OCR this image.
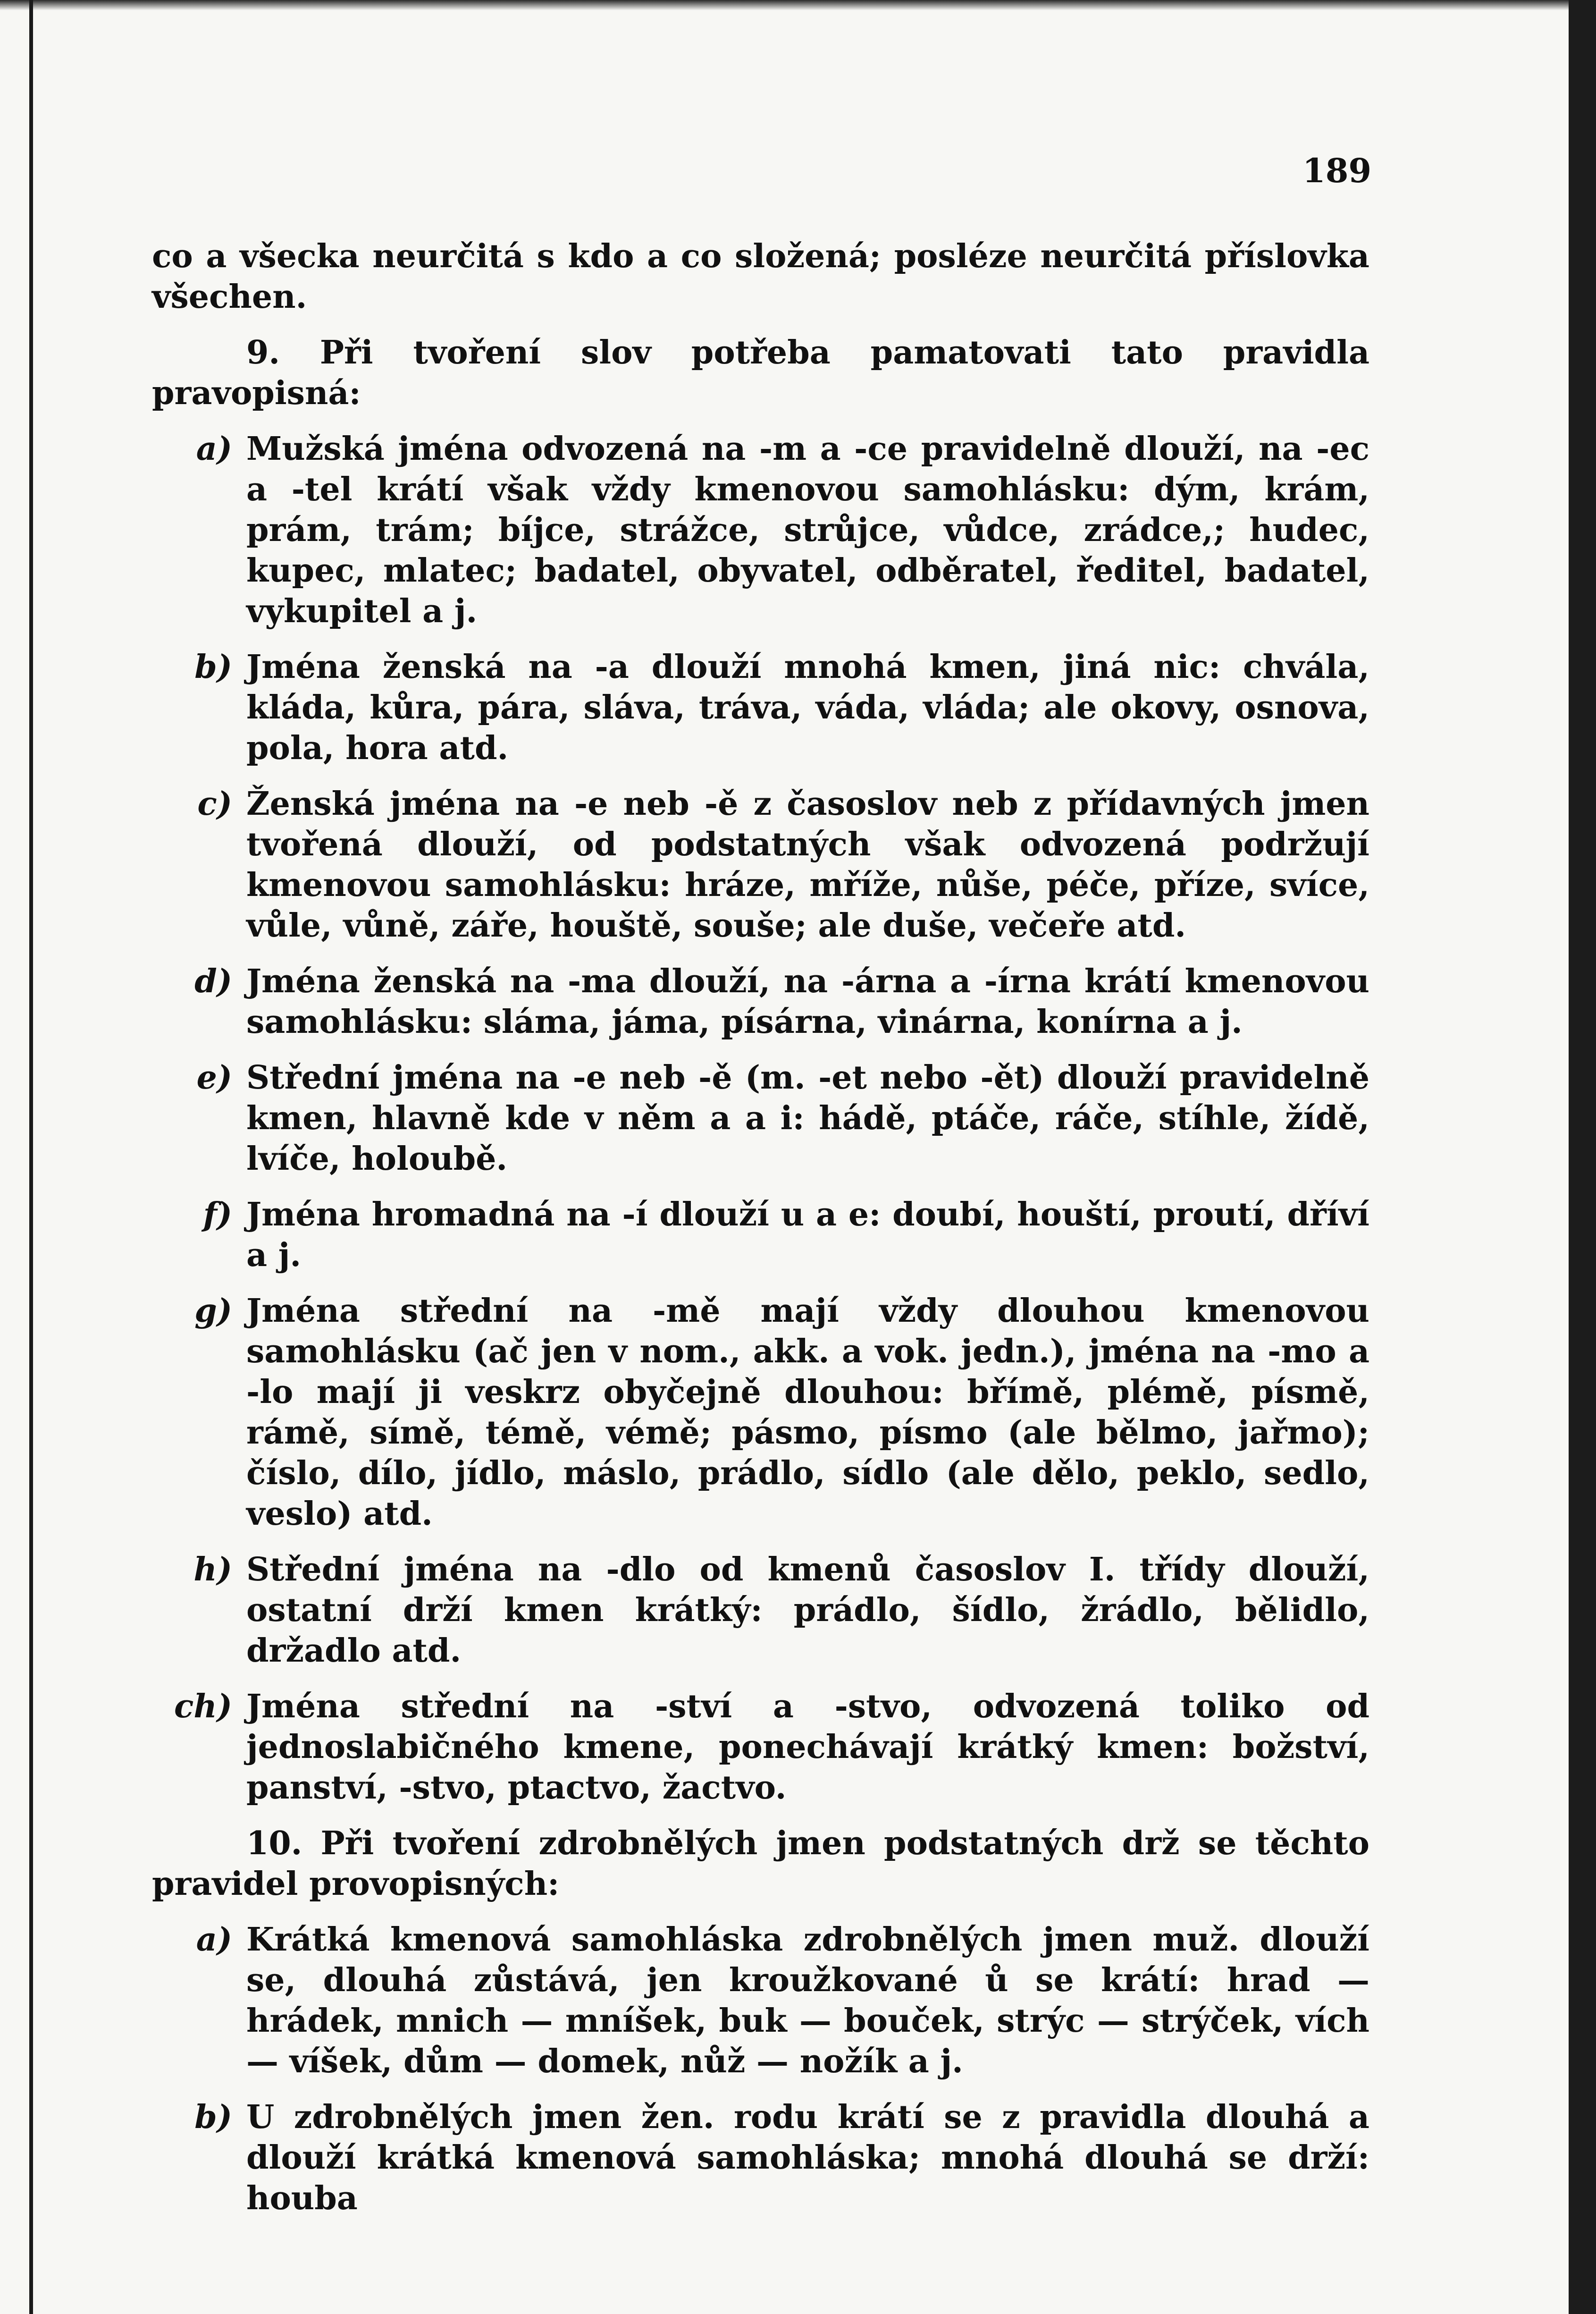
189

co a všecka neurčitá s kdo a co složená; posléze neurčitá příslovka všechen.

9. Při tvoření slov potřeba pamatovati tato pravidla pravopisná:

a) Mužská jména odvozená na -m a -ce pravidelně dlouží, na -ec a -tel krátí však vždy kmenovou samohlásku: dým, krám, prám, trám; bíjce, strážce, strůjce, vůdce, zrádce,; hudec, kupec, mlatec; badatel, obyvatel, odběratel, ředitel, badatel, vykupitel a j.
b) Jména ženská na -a dlouží mnohá kmen, jiná nic: chvála, kláda, kůra, pára, sláva, tráva, váda, vláda; ale okovy, osnova, pola, hora atd.
c) Ženská jména na -e neb -ě z časoslov neb z přídavných jmen tvořená dlouží, od podstatných však odvozená podržují kmenovou samohlásku: hráze, mříže, nůše, péče, příze, svíce, vůle, vůně, záře, houště, souše; ale duše, večeře atd.
d) Jména ženská na -ma dlouží, na -árna a -írna krátí kmenovou samohlásku: sláma, jáma, písárna, vinárna, konírna a j.
e) Střední jména na -e neb -ě (m. -et nebo -ět) dlouží pravidelně kmen, hlavně kde v něm a a i: hádě, ptáče, ráče, stíhle, žídě, lvíče, holoubě.
f) Jména hromadná na -í dlouží u a e: doubí, houští, proutí, dříví a j.
g) Jména střední na -mě mají vždy dlouhou kmenovou samohlásku (ač jen v nom., akk. a vok. jedn.), jména na -mo a -lo mají ji veskrz obyčejně dlouhou: břímě, plémě, písmě, rámě, símě, témě, vémě; pásmo, písmo (ale bělmo, jařmo); číslo, dílo, jídlo, máslo, prádlo, sídlo (ale dělo, peklo, sedlo, veslo) atd.
h) Střední jména na -dlo od kmenů časoslov I. třídy dlouží, ostatní drží kmen krátký: prádlo, šídlo, žrádlo, bělidlo, držadlo atd.
ch) Jména střední na -ství a -stvo, odvozená toliko od jednoslabičného kmene, ponechávají krátký kmen: božství, panství, -stvo, ptactvo, žactvo.

10. Při tvoření zdrobnělých jmen podstatných drž se těchto pravidel provopisných:

a) Krátká kmenová samohláska zdrobnělých jmen muž. dlouží se, dlouhá zůstává, jen kroužkované ů se krátí: hrad — hrádek, mnich — mníšek, buk — bouček, strýc — strýček, vích — víšek, dům — domek, nůž — nožík a j.
b) U zdrobnělých jmen žen. rodu krátí se z pravidla dlouhá a dlouží krátká kmenová samohláska; mnohá dlouhá se drží: houba
